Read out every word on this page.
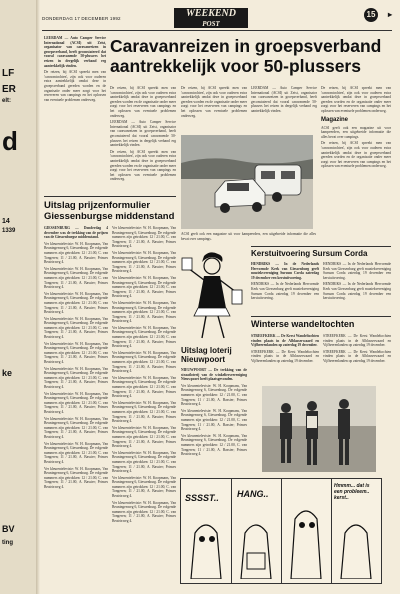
LF
ER
elt:
d
14
1339
ke
BV
ting
DONDERDAG 17 DECEMBER 1992	WEEKEND
POST
15	▸

LEERDAM — Auto Camper Service International (ACSI) uit Zeist, organisator van caravanreizen in groepsverband, heeft geconstateerd dat vooral caravanende 50-plussers het reizen in dergelijk verband erg aantrekkelijk vinden.

De reizen, bij ACSI spreekt men van 'caravantochten', zijn ook voor ouderen extra aantrekkelijk omdat deze in groepsverband gereden worden en de organisatie onder meer zorgt voor het reserveren van campings en het oplossen van eventuele problemen onderweg.

Caravanreizen in groepsverband aantrekkelijk voor 50-plussers

De reizen, bij ACSI spreekt men van 'caravantochten', zijn ook voor ouderen extra aantrekkelijk omdat deze in groepsverband gereden worden en de organisatie onder meer zorgt voor het reserveren van campings en het oplossen van eventuele problemen onderweg.

LEERDAM — Auto Camper Service International (ACSI) uit Zeist, organisator van caravanreizen in groepsverband, heeft geconstateerd dat vooral caravanende 50-plussers het reizen in dergelijk verband erg aantrekkelijk vinden.

De reizen, bij ACSI spreekt men van 'caravantochten', zijn ook voor ouderen extra aantrekkelijk omdat deze in groepsverband gereden worden en de organisatie onder meer zorgt voor het reserveren van campings en het oplossen van eventuele problemen onderweg.

De reizen, bij ACSI spreekt men van 'caravantochten', zijn ook voor ouderen extra aantrekkelijk omdat deze in groepsverband gereden worden en de organisatie onder meer zorgt voor het reserveren van campings en het oplossen van eventuele problemen onderweg.

LEERDAM — Auto Camper Service International (ACSI) uit Zeist, organisator van caravanreizen in groepsverband, heeft geconstateerd dat vooral caravanende 50-plussers het reizen in dergelijk verband erg aantrekkelijk vinden.

De reizen, bij ACSI spreekt men van 'caravantochten', zijn ook voor ouderen extra aantrekkelijk omdat deze in groepsverband gereden worden en de organisatie onder meer zorgt voor het reserveren van campings en het oplossen van eventuele problemen onderweg.

Magazine

ACSI geeft ook een magazine uit voor kampeerders, een uitgebreide informatie die alles bevat over campings.

De reizen, bij ACSI spreekt men van 'caravantochten', zijn ook voor ouderen extra aantrekkelijk omdat deze in groepsverband gereden worden en de organisatie onder meer zorgt voor het reserveren van campings en het oplossen van eventuele problemen onderweg.

ACSI geeft ook een magazine uit voor kampeerders, een uitgebreide informatie die alles bevat over campings.

Uitslag prijzenformulier Giessenburgse middenstand

GIESSENBURG — Donderdag 4 december was de trekking van de prijzen van de Giessenburgse middenstand.

Ver kleurentelevisie: W. H. Koopmans, Van Beuningenweg 6, Giessenburg. De volgende nummers zijn getrokken: 12 / 21.00, C. van Tongeren; 11 / 21.00, A. Bassier; Prinses Beatrixweg 4.

Ver kleurentelevisie: W. H. Koopmans, Van Beuningenweg 6, Giessenburg. De volgende nummers zijn getrokken: 12 / 21.00, C. van Tongeren; 11 / 21.00, A. Bassier; Prinses Beatrixweg 4.

Ver kleurentelevisie: W. H. Koopmans, Van Beuningenweg 6, Giessenburg. De volgende nummers zijn getrokken: 12 / 21.00, C. van Tongeren; 11 / 21.00, A. Bassier; Prinses Beatrixweg 4.

Ver kleurentelevisie: W. H. Koopmans, Van Beuningenweg 6, Giessenburg. De volgende nummers zijn getrokken: 12 / 21.00, C. van Tongeren; 11 / 21.00, A. Bassier; Prinses Beatrixweg 4.

Ver kleurentelevisie: W. H. Koopmans, Van Beuningenweg 6, Giessenburg. De volgende nummers zijn getrokken: 12 / 21.00, C. van Tongeren; 11 / 21.00, A. Bassier; Prinses Beatrixweg 4.

Ver kleurentelevisie: W. H. Koopmans, Van Beuningenweg 6, Giessenburg. De volgende nummers zijn getrokken: 12 / 21.00, C. van Tongeren; 11 / 21.00, A. Bassier; Prinses Beatrixweg 4.

Ver kleurentelevisie: W. H. Koopmans, Van Beuningenweg 6, Giessenburg. De volgende nummers zijn getrokken: 12 / 21.00, C. van Tongeren; 11 / 21.00, A. Bassier; Prinses Beatrixweg 4.

Ver kleurentelevisie: W. H. Koopmans, Van Beuningenweg 6, Giessenburg. De volgende nummers zijn getrokken: 12 / 21.00, C. van Tongeren; 11 / 21.00, A. Bassier; Prinses Beatrixweg 4.

Ver kleurentelevisie: W. H. Koopmans, Van Beuningenweg 6, Giessenburg. De volgende nummers zijn getrokken: 12 / 21.00, C. van Tongeren; 11 / 21.00, A. Bassier; Prinses Beatrixweg 4.

Ver kleurentelevisie: W. H. Koopmans, Van Beuningenweg 6, Giessenburg. De volgende nummers zijn getrokken: 12 / 21.00, C. van Tongeren; 11 / 21.00, A. Bassier; Prinses Beatrixweg 4.

Ver kleurentelevisie: W. H. Koopmans, Van Beuningenweg 6, Giessenburg. De volgende nummers zijn getrokken: 12 / 21.00, C. van Tongeren; 11 / 21.00, A. Bassier; Prinses Beatrixweg 4.

Ver kleurentelevisie: W. H. Koopmans, Van Beuningenweg 6, Giessenburg. De volgende nummers zijn getrokken: 12 / 21.00, C. van Tongeren; 11 / 21.00, A. Bassier; Prinses Beatrixweg 4.

Ver kleurentelevisie: W. H. Koopmans, Van Beuningenweg 6, Giessenburg. De volgende nummers zijn getrokken: 12 / 21.00, C. van Tongeren; 11 / 21.00, A. Bassier; Prinses Beatrixweg 4.

Ver kleurentelevisie: W. H. Koopmans, Van Beuningenweg 6, Giessenburg. De volgende nummers zijn getrokken: 12 / 21.00, C. van Tongeren; 11 / 21.00, A. Bassier; Prinses Beatrixweg 4.

Ver kleurentelevisie: W. H. Koopmans, Van Beuningenweg 6, Giessenburg. De volgende nummers zijn getrokken: 12 / 21.00, C. van Tongeren; 11 / 21.00, A. Bassier; Prinses Beatrixweg 4.

Ver kleurentelevisie: W. H. Koopmans, Van Beuningenweg 6, Giessenburg. De volgende nummers zijn getrokken: 12 / 21.00, C. van Tongeren; 11 / 21.00, A. Bassier; Prinses Beatrixweg 4.

Ver kleurentelevisie: W. H. Koopmans, Van Beuningenweg 6, Giessenburg. De volgende nummers zijn getrokken: 12 / 21.00, C. van Tongeren; 11 / 21.00, A. Bassier; Prinses Beatrixweg 4.

Ver kleurentelevisie: W. H. Koopmans, Van Beuningenweg 6, Giessenburg. De volgende nummers zijn getrokken: 12 / 21.00, C. van Tongeren; 11 / 21.00, A. Bassier; Prinses Beatrixweg 4.

Ver kleurentelevisie: W. H. Koopmans, Van Beuningenweg 6, Giessenburg. De volgende nummers zijn getrokken: 12 / 21.00, C. van Tongeren; 11 / 21.00, A. Bassier; Prinses Beatrixweg 4.

Ver kleurentelevisie: W. H. Koopmans, Van Beuningenweg 6, Giessenburg. De volgende nummers zijn getrokken: 12 / 21.00, C. van Tongeren; 11 / 21.00, A. Bassier; Prinses Beatrixweg 4.

Ver kleurentelevisie: W. H. Koopmans, Van Beuningenweg 6, Giessenburg. De volgende nummers zijn getrokken: 12 / 21.00, C. van Tongeren; 11 / 21.00, A. Bassier; Prinses Beatrixweg 4.

Ver kleurentelevisie: W. H. Koopmans, Van Beuningenweg 6, Giessenburg. De volgende nummers zijn getrokken: 12 / 21.00, C. van Tongeren; 11 / 21.00, A. Bassier; Prinses Beatrixweg 4.

Kerstuitvoering Sursum Corda

HENDRIKS — In de Nederlands Hervormde Kerk van Giessenburg geeft muziekvereniging Sursum Corda zaterdag 19 december een kerstuitvoering.

HENDRIKS — In de Nederlands Hervormde Kerk van Giessenburg geeft muziekvereniging Sursum Corda zaterdag 19 december een kerstuitvoering.

HENDRIKS — In de Nederlands Hervormde Kerk van Giessenburg geeft muziekvereniging Sursum Corda zaterdag 19 december een kerstuitvoering.

HENDRIKS — In de Nederlands Hervormde Kerk van Giessenburg geeft muziekvereniging Sursum Corda zaterdag 19 december een kerstuitvoering.

Uitslag loterij Nieuwpoort

NIEUWPOORT — De trekking van de straatloterij van de winkeliersvereniging Nieuwpoort heeft plaatsgevonden.

Ver kleurentelevisie: W. H. Koopmans, Van Beuningenweg 6, Giessenburg. De volgende nummers zijn getrokken: 12 / 21.00, C. van Tongeren; 11 / 21.00, A. Bassier; Prinses Beatrixweg 4.

Ver kleurentelevisie: W. H. Koopmans, Van Beuningenweg 6, Giessenburg. De volgende nummers zijn getrokken: 12 / 21.00, C. van Tongeren; 11 / 21.00, A. Bassier; Prinses Beatrixweg 4.

Ver kleurentelevisie: W. H. Koopmans, Van Beuningenweg 6, Giessenburg. De volgende nummers zijn getrokken: 12 / 21.00, C. van Tongeren; 11 / 21.00, A. Bassier; Prinses Beatrixweg 4.

Winterse wandeltochten

STREEFKERK — De Kerst Wandeltochten vinden plaats in de Alblasserwaard en Vijfheerenlanden op zaterdag 19 december.

STREEFKERK — De Kerst Wandeltochten vinden plaats in de Alblasserwaard en Vijfheerenlanden op zaterdag 19 december.

STREEFKERK — De Kerst Wandeltochten vinden plaats in de Alblasserwaard en Vijfheerenlanden op zaterdag 19 december.

STREEFKERK — De Kerst Wandeltochten vinden plaats in de Alblasserwaard en Vijfheerenlanden op zaterdag 19 december.

SSSST.. HANG..
Hmmm... dat is een probleem.. kerst..
